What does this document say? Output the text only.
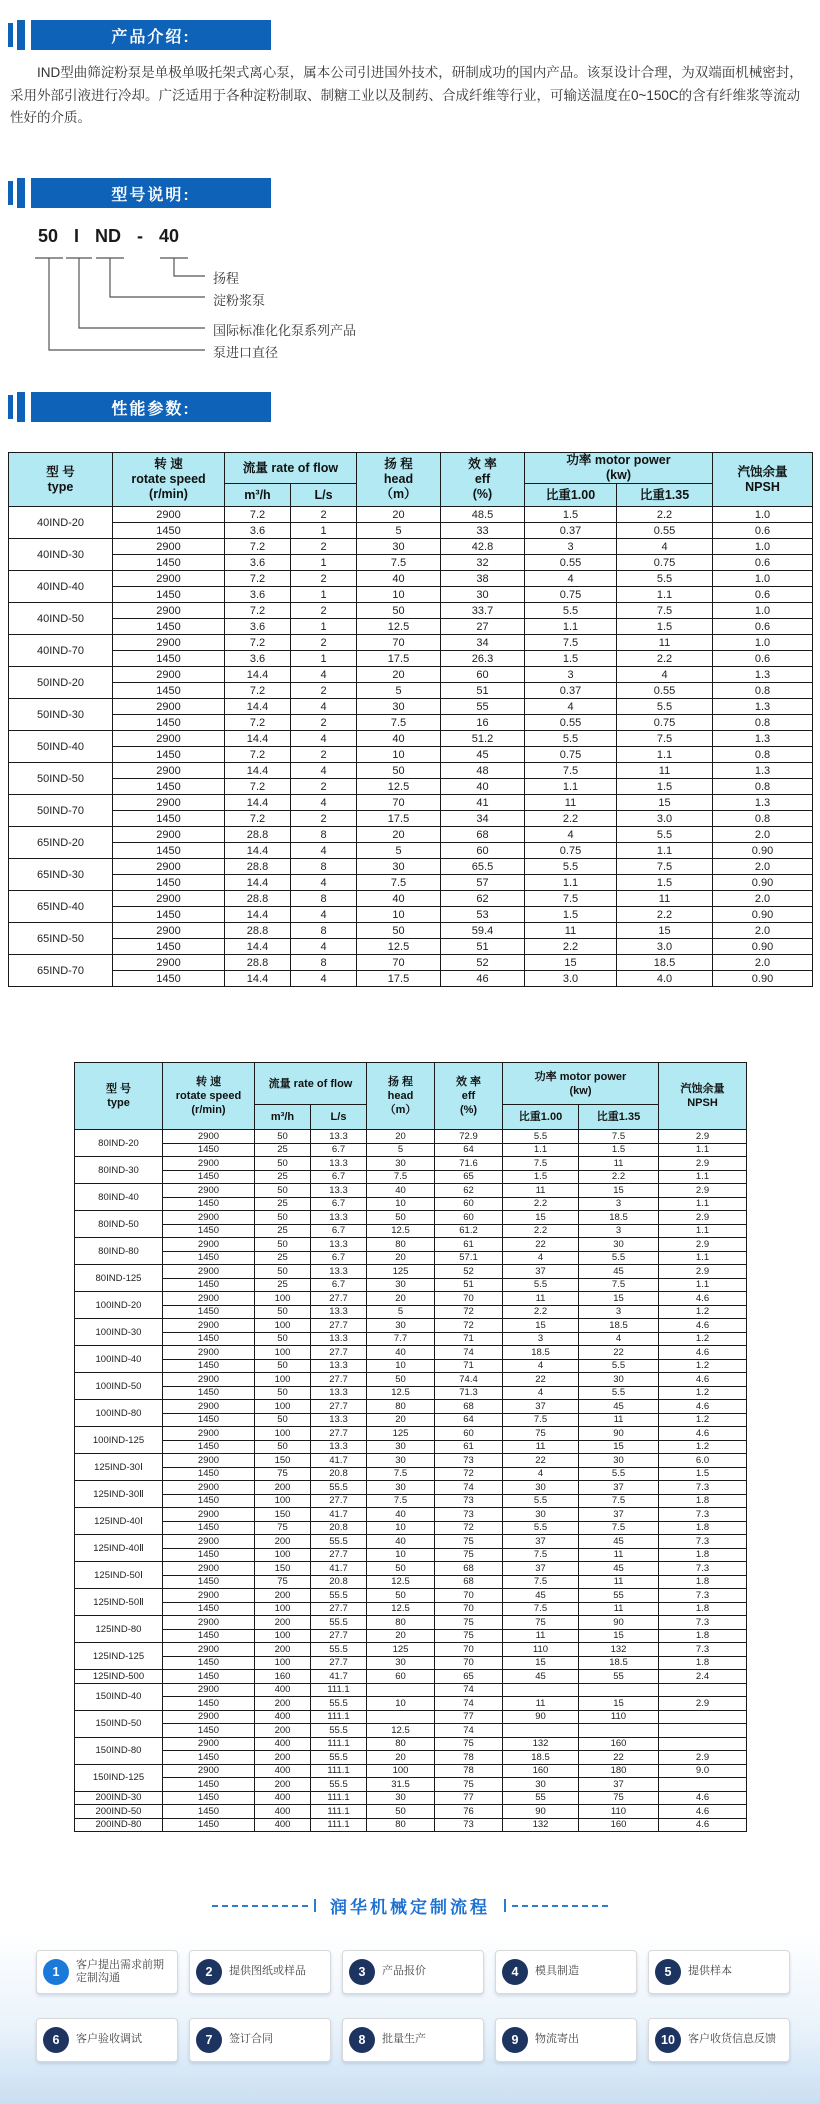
产品介绍:
IND型曲筛淀粉泵是单极单吸托架式离心泵，属本公司引进国外技术，研制成功的国内产品。该泵设计合理，为双端面机械密封，采用外部引液进行冷却。广泛适用于各种淀粉制取、制糖工业以及制药、合成纤维等行业，可输送温度在0~150C的含有纤维浆等流动性好的介质。
型号说明:
50 I ND - 40
扬程
淀粉浆泵
国际标准化化泵系列产品
泵进口直径
性能参数:
型 号
type	转 速
rotate speed
(r/min)	流量 rate of flow		扬 程
head
（m）	效 率
eff
(%)	功率 motor power
(kw)		汽蚀余量
NPSH
		m³/h	L/s			比重1.00	比重1.35	
40IND-20	2900	7.2	2	20	48.5	1.5	2.2	1.0
	1450	3.6	1	5	33	0.37	0.55	0.6
40IND-30	2900	7.2	2	30	42.8	3	4	1.0
	1450	3.6	1	7.5	32	0.55	0.75	0.6
40IND-40	2900	7.2	2	40	38	4	5.5	1.0
	1450	3.6	1	10	30	0.75	1.1	0.6
40IND-50	2900	7.2	2	50	33.7	5.5	7.5	1.0
	1450	3.6	1	12.5	27	1.1	1.5	0.6
40IND-70	2900	7.2	2	70	34	7.5	11	1.0
	1450	3.6	1	17.5	26.3	1.5	2.2	0.6
50IND-20	2900	14.4	4	20	60	3	4	1.3
	1450	7.2	2	5	51	0.37	0.55	0.8
50IND-30	2900	14.4	4	30	55	4	5.5	1.3
	1450	7.2	2	7.5	16	0.55	0.75	0.8
50IND-40	2900	14.4	4	40	51.2	5.5	7.5	1.3
	1450	7.2	2	10	45	0.75	1.1	0.8
50IND-50	2900	14.4	4	50	48	7.5	11	1.3
	1450	7.2	2	12.5	40	1.1	1.5	0.8
50IND-70	2900	14.4	4	70	41	11	15	1.3
	1450	7.2	2	17.5	34	2.2	3.0	0.8
65IND-20	2900	28.8	8	20	68	4	5.5	2.0
	1450	14.4	4	5	60	0.75	1.1	0.90
65IND-30	2900	28.8	8	30	65.5	5.5	7.5	2.0
	1450	14.4	4	7.5	57	1.1	1.5	0.90
65IND-40	2900	28.8	8	40	62	7.5	11	2.0
	1450	14.4	4	10	53	1.5	2.2	0.90
65IND-50	2900	28.8	8	50	59.4	11	15	2.0
	1450	14.4	4	12.5	51	2.2	3.0	0.90
65IND-70	2900	28.8	8	70	52	15	18.5	2.0
	1450	14.4	4	17.5	46	3.0	4.0	0.90
型 号
type	转 速
rotate speed
(r/min)	流量 rate of flow		扬 程
head
（m）	效 率
eff
(%)	功率 motor power
(kw)		汽蚀余量
NPSH
		m³/h	L/s			比重1.00	比重1.35	
80IND-20	2900	50	13.3	20	72.9	5.5	7.5	2.9
	1450	25	6.7	5	64	1.1	1.5	1.1
80IND-30	2900	50	13.3	30	71.6	7.5	11	2.9
	1450	25	6.7	7.5	65	1.5	2.2	1.1
80IND-40	2900	50	13.3	40	62	11	15	2.9
	1450	25	6.7	10	60	2.2	3	1.1
80IND-50	2900	50	13.3	50	60	15	18.5	2.9
	1450	25	6.7	12.5	61.2	2.2	3	1.1
80IND-80	2900	50	13.3	80	61	22	30	2.9
	1450	25	6.7	20	57.1	4	5.5	1.1
80IND-125	2900	50	13.3	125	52	37	45	2.9
	1450	25	6.7	30	51	5.5	7.5	1.1
100IND-20	2900	100	27.7	20	70	11	15	4.6
	1450	50	13.3	5	72	2.2	3	1.2
100IND-30	2900	100	27.7	30	72	15	18.5	4.6
	1450	50	13.3	7.7	71	3	4	1.2
100IND-40	2900	100	27.7	40	74	18.5	22	4.6
	1450	50	13.3	10	71	4	5.5	1.2
100IND-50	2900	100	27.7	50	74.4	22	30	4.6
	1450	50	13.3	12.5	71.3	4	5.5	1.2
100IND-80	2900	100	27.7	80	68	37	45	4.6
	1450	50	13.3	20	64	7.5	11	1.2
100IND-125	2900	100	27.7	125	60	75	90	4.6
	1450	50	13.3	30	61	11	15	1.2
125IND-30Ⅰ	2900	150	41.7	30	73	22	30	6.0
	1450	75	20.8	7.5	72	4	5.5	1.5
125IND-30Ⅱ	2900	200	55.5	30	74	30	37	7.3
	1450	100	27.7	7.5	73	5.5	7.5	1.8
125IND-40Ⅰ	2900	150	41.7	40	73	30	37	7.3
	1450	75	20.8	10	72	5.5	7.5	1.8
125IND-40Ⅱ	2900	200	55.5	40	75	37	45	7.3
	1450	100	27.7	10	75	7.5	11	1.8
125IND-50Ⅰ	2900	150	41.7	50	68	37	45	7.3
	1450	75	20.8	12.5	68	7.5	11	1.8
125IND-50Ⅱ	2900	200	55.5	50	70	45	55	7.3
	1450	100	27.7	12.5	70	7.5	11	1.8
125IND-80	2900	200	55.5	80	75	75	90	7.3
	1450	100	27.7	20	75	11	15	1.8
125IND-125	2900	200	55.5	125	70	110	132	7.3
	1450	100	27.7	30	70	15	18.5	1.8
125IND-500	1450	160	41.7	60	65	45	55	2.4
150IND-40	2900	400	111.1		74			
	1450	200	55.5	10	74	11	15	2.9
150IND-50	2900	400	111.1		77	90	110	
	1450	200	55.5	12.5	74			
150IND-80	2900	400	111.1	80	75	132	160	
	1450	200	55.5	20	78	18.5	22	2.9
150IND-125	2900	400	111.1	100	78	160	180	9.0
	1450	200	55.5	31.5	75	30	37	
200IND-30	1450	400	111.1	30	77	55	75	4.6
200IND-50	1450	400	111.1	50	76	90	110	4.6
200IND-80	1450	400	111.1	80	73	132	160	4.6
润华机械定制流程
1
客户提出需求前期定制沟通	2	提供图纸或样品	3	产品报价	4	模具制造	5	提供样本
6	客户验收调试	7	签订合同	8	批量生产	9	物流寄出	10	客户收货信息反馈
